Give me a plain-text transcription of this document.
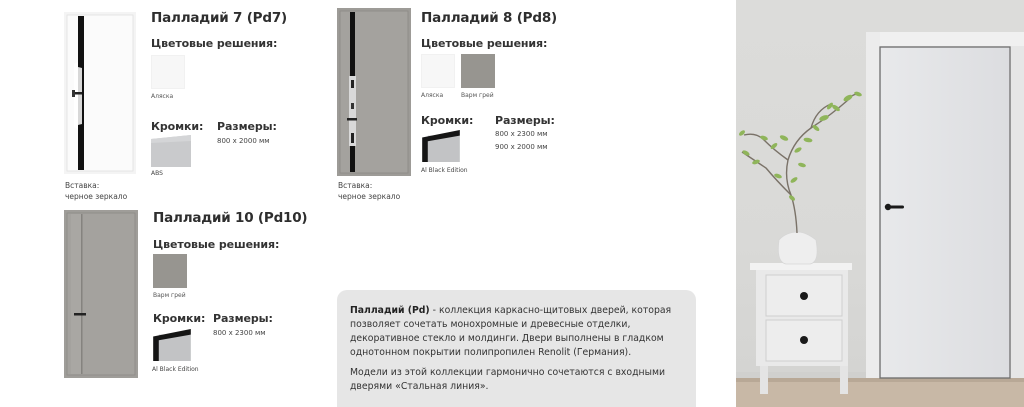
Вставка:
черное зеркало
Палладий 7 (Pd7)
Цветовые решения:
Аляска
Кромки: Размеры:
800 x 2000 мм
ABS
Вставка:
черное зеркало
Палладий 8 (Pd8)
Цветовые решения:
Аляска	Варм грей
Кромки: Размеры:
800 x 2300 мм
900 x 2000 мм
Al Black Edition
Палладий 10 (Pd10)
Цветовые решения:
Варм грей
Кромки: Размеры:
800 x 2300 мм
Al Black Edition

Палладий (Pd) - коллекция каркасно-щитовых дверей, которая позволяет сочетать монохромные и древесные отделки, декоративное стекло и молдинги. Двери выполнены в гладком однотонном покрытии полипропилен Renolit (Германия).

Модели из этой коллекции гармонично сочетаются с входными дверями «Стальная линия».
